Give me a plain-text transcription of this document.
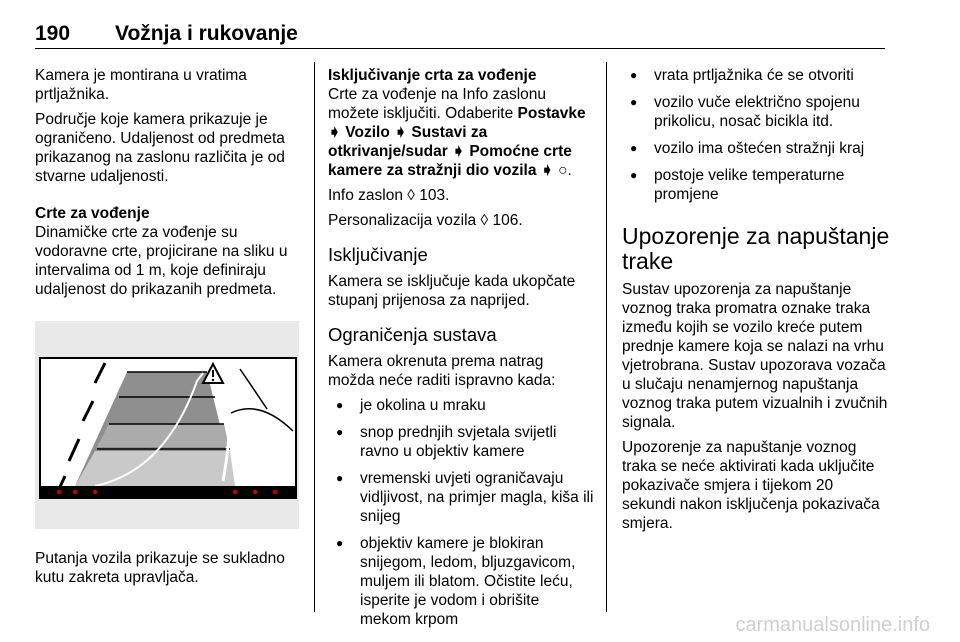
190 Vožnja i rukovanje

Kamera je montirana u vratima prtljažnika.

Područje koje kamera prikazuje je ograničeno. Udaljenost od predmeta prikazanog na zaslonu različita je od stvarne udaljenosti.

Crte za vođenje

Dinamičke crte za vođenje su vodoravne crte, projicirane na sliku u intervalima od 1 m, koje definiraju udaljenost do prikazanih predmeta.

Putanja vozila prikazuje se sukladno kutu zakreta upravljača.

Isključivanje crta za vođenje

Crte za vođenje na Info zaslonu možete isključiti. Odaberite Postavke ➧ Vozilo ➧ Sustavi za otkrivanje/sudar ➧ Pomoćne crte kamere za stražnji dio vozila ➧ ○.

Info zaslon ◊ 103.

Personalizacija vozila ◊ 106.

Isključivanje

Kamera se isključuje kada ukopčate stupanj prijenosa za naprijed.

Ograničenja sustava

Kamera okrenuta prema natrag možda neće raditi ispravno kada:

● je okolina u mraku
● snop prednjih svjetala svijetli ravno u objektiv kamere
● vremenski uvjeti ograničavaju vidljivost, na primjer magla, kiša ili snijeg
● objektiv kamere je blokiran snijegom, ledom, bljuzgavicom, muljem ili blatom. Očistite leću, isperite je vodom i obrišite mekom krpom
● vrata prtljažnika će se otvoriti
● vozilo vuče električno spojenu prikolicu, nosač bicikla itd.
● vozilo ima oštećen stražnji kraj
● postoje velike temperaturne promjene

Upozorenje za napuštanje trake

Sustav upozorenja za napuštanje voznog traka promatra oznake traka između kojih se vozilo kreće putem prednje kamere koja se nalazi na vrhu vjetrobrana. Sustav upozorava vozača u slučaju nenamjernog napuštanja voznog traka putem vizualnih i zvučnih signala.

Upozorenje za napuštanje voznog traka se neće aktivirati kada uključite pokazivače smjera i tijekom 20 sekundi nakon isključenja pokazivača smjera.

carmanualsonline.info
